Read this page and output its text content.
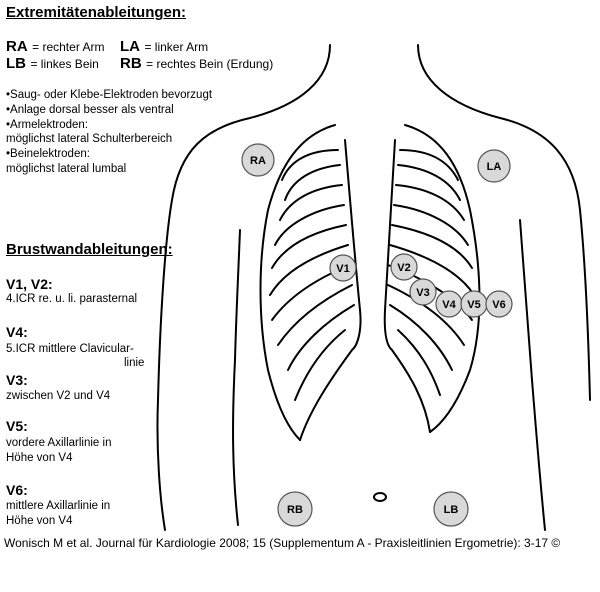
RA	LA
V1	V2
V3
V4 V5 V6
RB	LB
Extremitätenableitungen:
RA = rechter Arm LA = linker Arm
LB = linkes Bein RB = rechtes Bein (Erdung)
•Saug- oder Klebe-Elektroden bevorzugt
•Anlage dorsal besser als ventral
•Armelektroden:
möglichst lateral Schulterbereich
•Beinelektroden:
möglichst lateral lumbal
Brustwandableitungen:
V1, V2:
4.ICR re. u. li. parasternal
V4:
5.ICR mittlere Clavicular-
linie
V3:
zwischen V2 und V4
V5:
vordere Axillarlinie in
Höhe von V4
V6:
mittlere Axillarlinie in
Höhe von V4
Wonisch M et al. Journal für Kardiologie 2008; 15 (Supplementum A - Praxisleitlinien Ergometrie): 3-17 ©
